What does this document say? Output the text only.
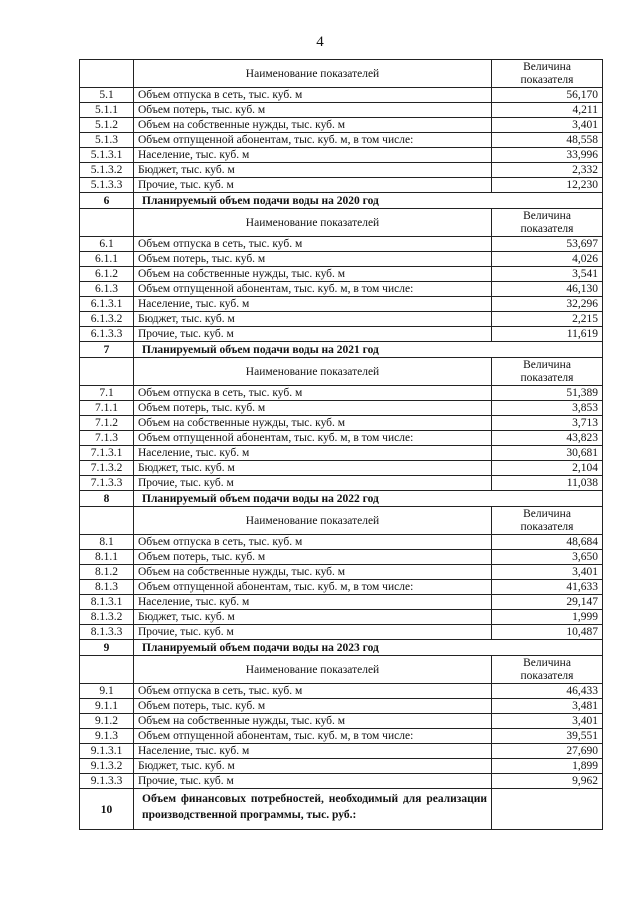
4
	Наименование показателей	Величина показателя
5.1	Объем отпуска в сеть, тыс. куб. м	56,170
5.1.1	Объем потерь, тыс. куб. м	4,211
5.1.2	Объем на собственные нужды, тыс. куб. м	3,401
5.1.3	Объем отпущенной абонентам, тыс. куб. м, в том числе:	48,558
5.1.3.1	Население, тыс. куб. м	33,996
5.1.3.2	Бюджет, тыс. куб. м	2,332
5.1.3.3	Прочие, тыс. куб. м	12,230
6	Планируемый объем подачи воды на 2020 год	
	Наименование показателей	Величина показателя
6.1	Объем отпуска в сеть, тыс. куб. м	53,697
6.1.1	Объем потерь, тыс. куб. м	4,026
6.1.2	Объем на собственные нужды, тыс. куб. м	3,541
6.1.3	Объем отпущенной абонентам, тыс. куб. м, в том числе:	46,130
6.1.3.1	Население, тыс. куб. м	32,296
6.1.3.2	Бюджет, тыс. куб. м	2,215
6.1.3.3	Прочие, тыс. куб. м	11,619
7	Планируемый объем подачи воды на 2021 год	
	Наименование показателей	Величина показателя
7.1	Объем отпуска в сеть, тыс. куб. м	51,389
7.1.1	Объем потерь, тыс. куб. м	3,853
7.1.2	Объем на собственные нужды, тыс. куб. м	3,713
7.1.3	Объем отпущенной абонентам, тыс. куб. м, в том числе:	43,823
7.1.3.1	Население, тыс. куб. м	30,681
7.1.3.2	Бюджет, тыс. куб. м	2,104
7.1.3.3	Прочие, тыс. куб. м	11,038
8	Планируемый объем подачи воды на 2022 год	
	Наименование показателей	Величина показателя
8.1	Объем отпуска в сеть, тыс. куб. м	48,684
8.1.1	Объем потерь, тыс. куб. м	3,650
8.1.2	Объем на собственные нужды, тыс. куб. м	3,401
8.1.3	Объем отпущенной абонентам, тыс. куб. м, в том числе:	41,633
8.1.3.1	Население, тыс. куб. м	29,147
8.1.3.2	Бюджет, тыс. куб. м	1,999
8.1.3.3	Прочие, тыс. куб. м	10,487
9	Планируемый объем подачи воды на 2023 год	
	Наименование показателей	Величина показателя
9.1	Объем отпуска в сеть, тыс. куб. м	46,433
9.1.1	Объем потерь, тыс. куб. м	3,481
9.1.2	Объем на собственные нужды, тыс. куб. м	3,401
9.1.3	Объем отпущенной абонентам, тыс. куб. м, в том числе:	39,551
9.1.3.1	Население, тыс. куб. м	27,690
9.1.3.2	Бюджет, тыс. куб. м	1,899
9.1.3.3	Прочие, тыс. куб. м	9,962
10	Объем финансовых потребностей, необходимый для реализации производственной программы, тыс. руб.:	
